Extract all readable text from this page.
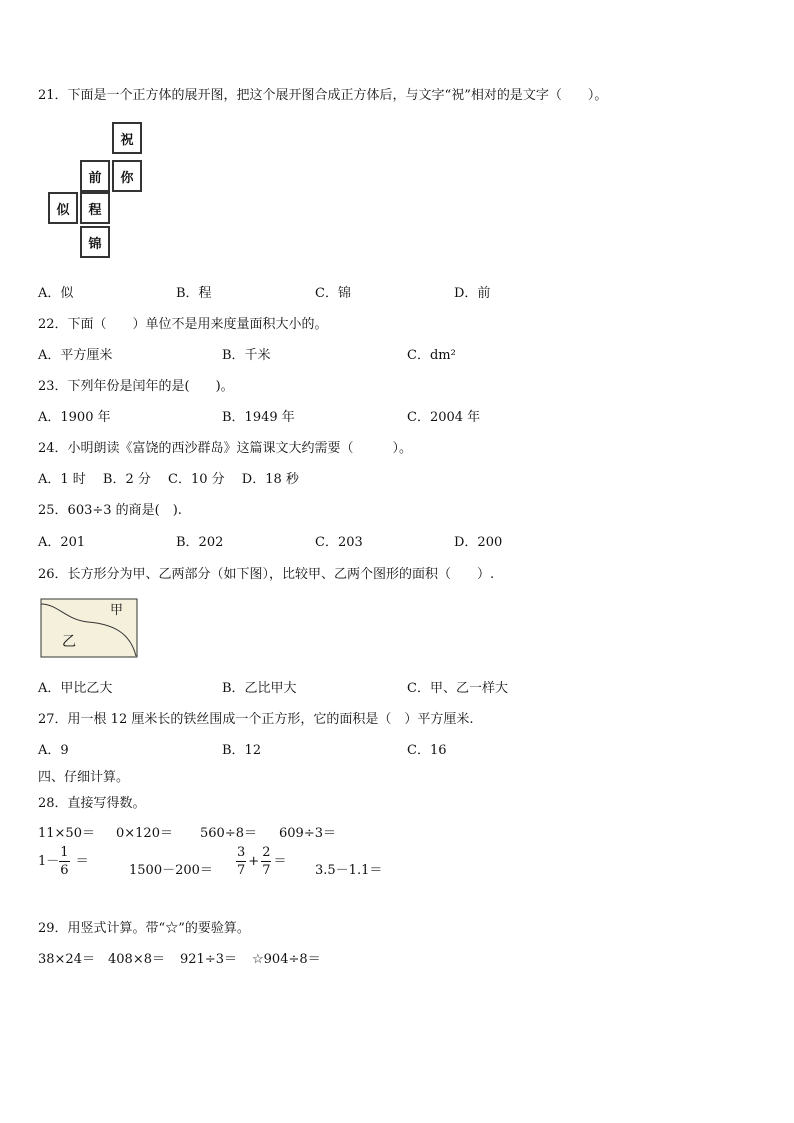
21．下面是一个正方体的展开图，把这个展开图合成正方体后，与文字“祝”相对的是文字（　　）。
祝
前	你
似	程
锦
A．似	B．程	C．锦	D．前
22．下面（　　）单位不是用来度量面积大小的。
A．平方厘米	B．千米	C．dm²
23．下列年份是闰年的是(　　)。
A．1900 年	B．1949 年	C．2004 年
24．小明朗读《富饶的西沙群岛》这篇课文大约需要（　　　）。
A．1 时　 B．2 分　 C．10 分　 D．18 秒
25．603÷3 的商是(　).
A．201	B．202	C．203	D．200
26．长方形分为甲、乙两部分（如下图），比较甲、乙两个图形的面积（　　）.
甲
乙
A．甲比乙大	B．乙比甲大	C．甲、乙一样大
27．用一根 12 厘米长的铁丝围成一个正方形，它的面积是（　）平方厘米.
A．9	B．12	C．16
四、仔细计算。
28．直接写得数。
11×50＝ 0×120＝ 560÷8＝ 609÷3＝
$1- \frac{1}{6}$ ＝
$1500-200= \frac{3}{7} + \frac{2}{7}$ ＝
3.5－1.1＝
29．用竖式计算。带“☆”的要验算。
38×24＝ 408×8＝ 921÷3＝ ☆904÷8＝
